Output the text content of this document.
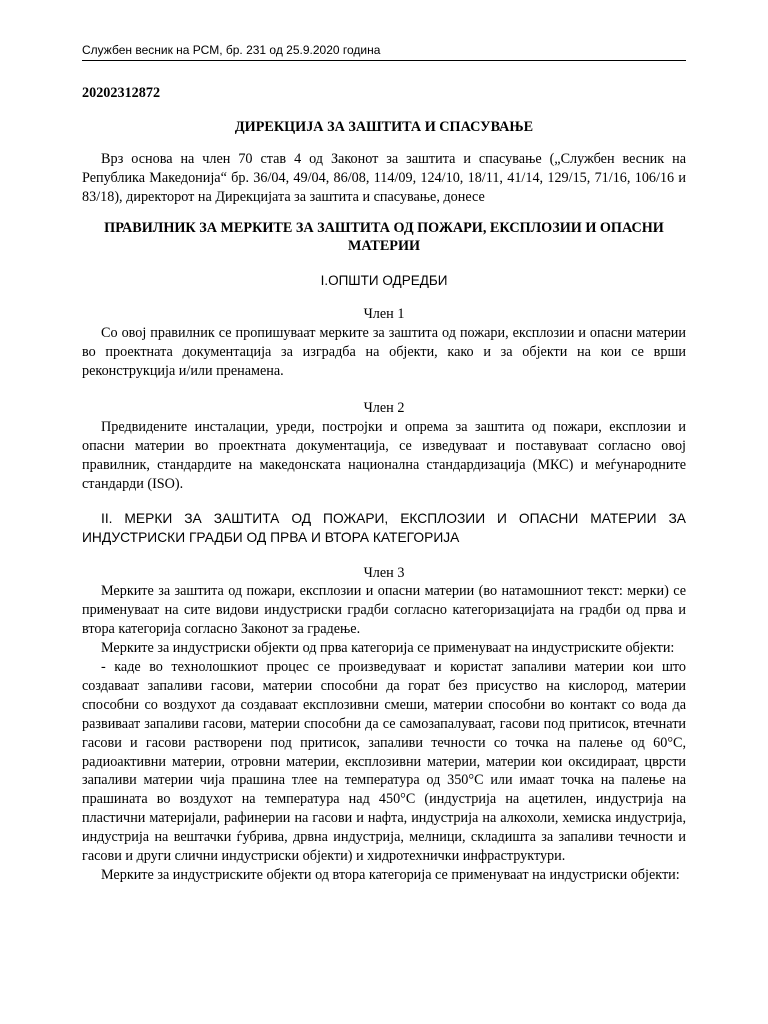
Службен весник на РСМ, бр. 231 од 25.9.2020 година

20202312872

ДИРЕКЦИЈА ЗА ЗАШТИТА И СПАСУВАЊЕ

Врз основа на член 70 став 4 од Законот за заштита и спасување („Службен весник на Република Македонија“ бр. 36/04, 49/04, 86/08, 114/09, 124/10, 18/11, 41/14, 129/15, 71/16, 106/16 и 83/18), директорот на Дирекцијата за заштита и спасување, донесе

ПРАВИЛНИК ЗА МЕРКИТЕ ЗА ЗАШТИТА ОД ПОЖАРИ, ЕКСПЛОЗИИ И ОПАСНИ МАТЕРИИ

I.ОПШТИ ОДРЕДБИ

Член 1

Со овој правилник се пропишуваат мерките за заштита од пожари, експлозии и опасни материи во проектната документација за изградба на објекти, како и за објекти на кои се врши реконструкција и/или пренамена.

Член 2

Предвидените инсталации, уреди, постројки и опрема за заштита од пожари, експлозии и опасни материи во проектната документација, се изведуваат и поставуваат согласно овој правилник, стандардите на македонската национална стандардизација (МКС) и меѓународните стандарди (ISO).

II. МЕРКИ ЗА ЗАШТИТА ОД ПОЖАРИ, ЕКСПЛОЗИИ И ОПАСНИ МАТЕРИИ ЗА ИНДУСТРИСКИ ГРАДБИ ОД ПРВА И ВТОРА КАТЕГОРИЈА

Член 3

Мерките за заштита од пожари, експлозии и опасни материи (во натамошниот текст: мерки) се применуваат на сите видови индустриски градби согласно категоризацијата на градби од прва и втора категорија согласно Законот за градење.

Мерките за индустриски објекти од прва категорија се применуваат на индустриските објекти:

- каде во технолошкиот процес се произведуваат и користат запаливи материи кои што создаваат запаливи гасови, материи способни да горат без присуство на кислород, материи способни со воздухот да создаваат експлозивни смеши, материи способни во контакт со вода да развиваат запаливи гасови, материи способни да се самозапалуваат, гасови под притисок, втечнати гасови и гасови растворени под притисок, запаливи течности со точка на палење од 60°С, радиоактивни материи, отровни материи, експлозивни материи, материи кои оксидираат, цврсти запаливи материи чија прашина тлее на температура од 350°С или имаат точка на палење на прашината во воздухот на температура над 450°С (индустрија на ацетилен, индустрија на пластични материјали, рафинерии на гасови и нафта, индустрија на алкохоли, хемиска индустрија, индустрија на вештачки ѓубрива, дрвна индустрија, мелници, складишта за запаливи течности и гасови и други слични индустриски објекти) и хидротехнички инфраструктури.

Мерките за индустриските објекти од втора категорија се применуваат на индустриски објекти:
